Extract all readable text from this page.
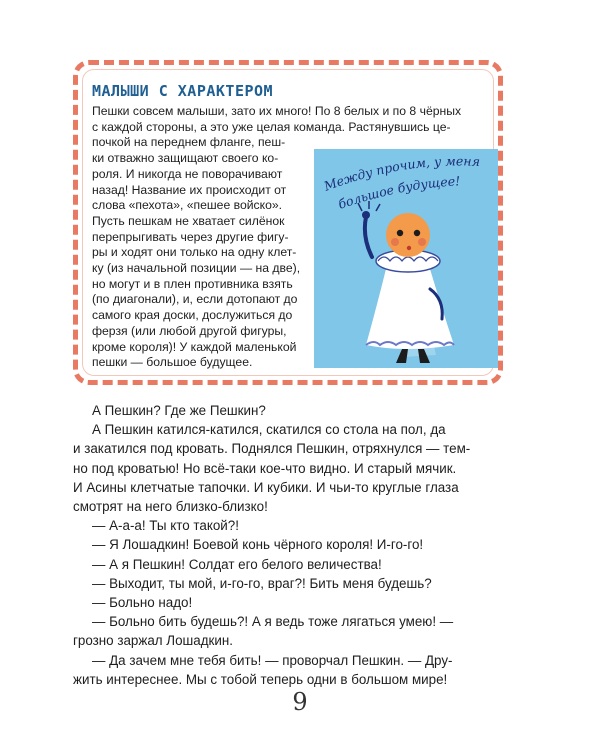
МАЛЫШИ С ХАРАКТЕРОМ
Пешки совсем малыши, зато их много! По 8 белых и по 8 чёрных
с каждой стороны, а это уже целая команда. Растянувшись це-
почкой на переднем фланге, пеш-
ки отважно защищают своего ко-
роля. И никогда не поворачивают
назад! Название их происходит от
слова «пехота», «пешее войско».
Пусть пешкам не хватает силёнок
перепрыгивать через другие фигу-
ры и ходят они только на одну клет-
ку (из начальной позиции — на две),
но могут и в плен противника взять
(по диагонали), и, если дотопают до
самого края доски, дослужиться до
ферзя (или любой другой фигуры,
кроме короля)! У каждой маленькой
пешки — большое будущее.
Между прочим, у меня
большое будущее!
А Пешкин? Где же Пешкин?
А Пешкин катился-катился, скатился со стола на пол, да
и закатился под кровать. Поднялся Пешкин, отряхнулся — тем-
но под кроватью! Но всё-таки кое-что видно. И старый мячик.
И Асины клетчатые тапочки. И кубики. И чьи-то круглые глаза
смотрят на него близко-близко!
— А-а-а! Ты кто такой?!
— Я Лошадкин! Боевой конь чёрного короля! И-го-го!
— А я Пешкин! Солдат его белого величества!
— Выходит, ты мой, и-го-го, враг?! Бить меня будешь?
— Больно надо!
— Больно бить будешь?! А я ведь тоже лягаться умею! —
грозно заржал Лошадкин.
— Да зачем мне тебя бить! — проворчал Пешкин. — Дру-
жить интереснее. Мы с тобой теперь одни в большом мире!
9
